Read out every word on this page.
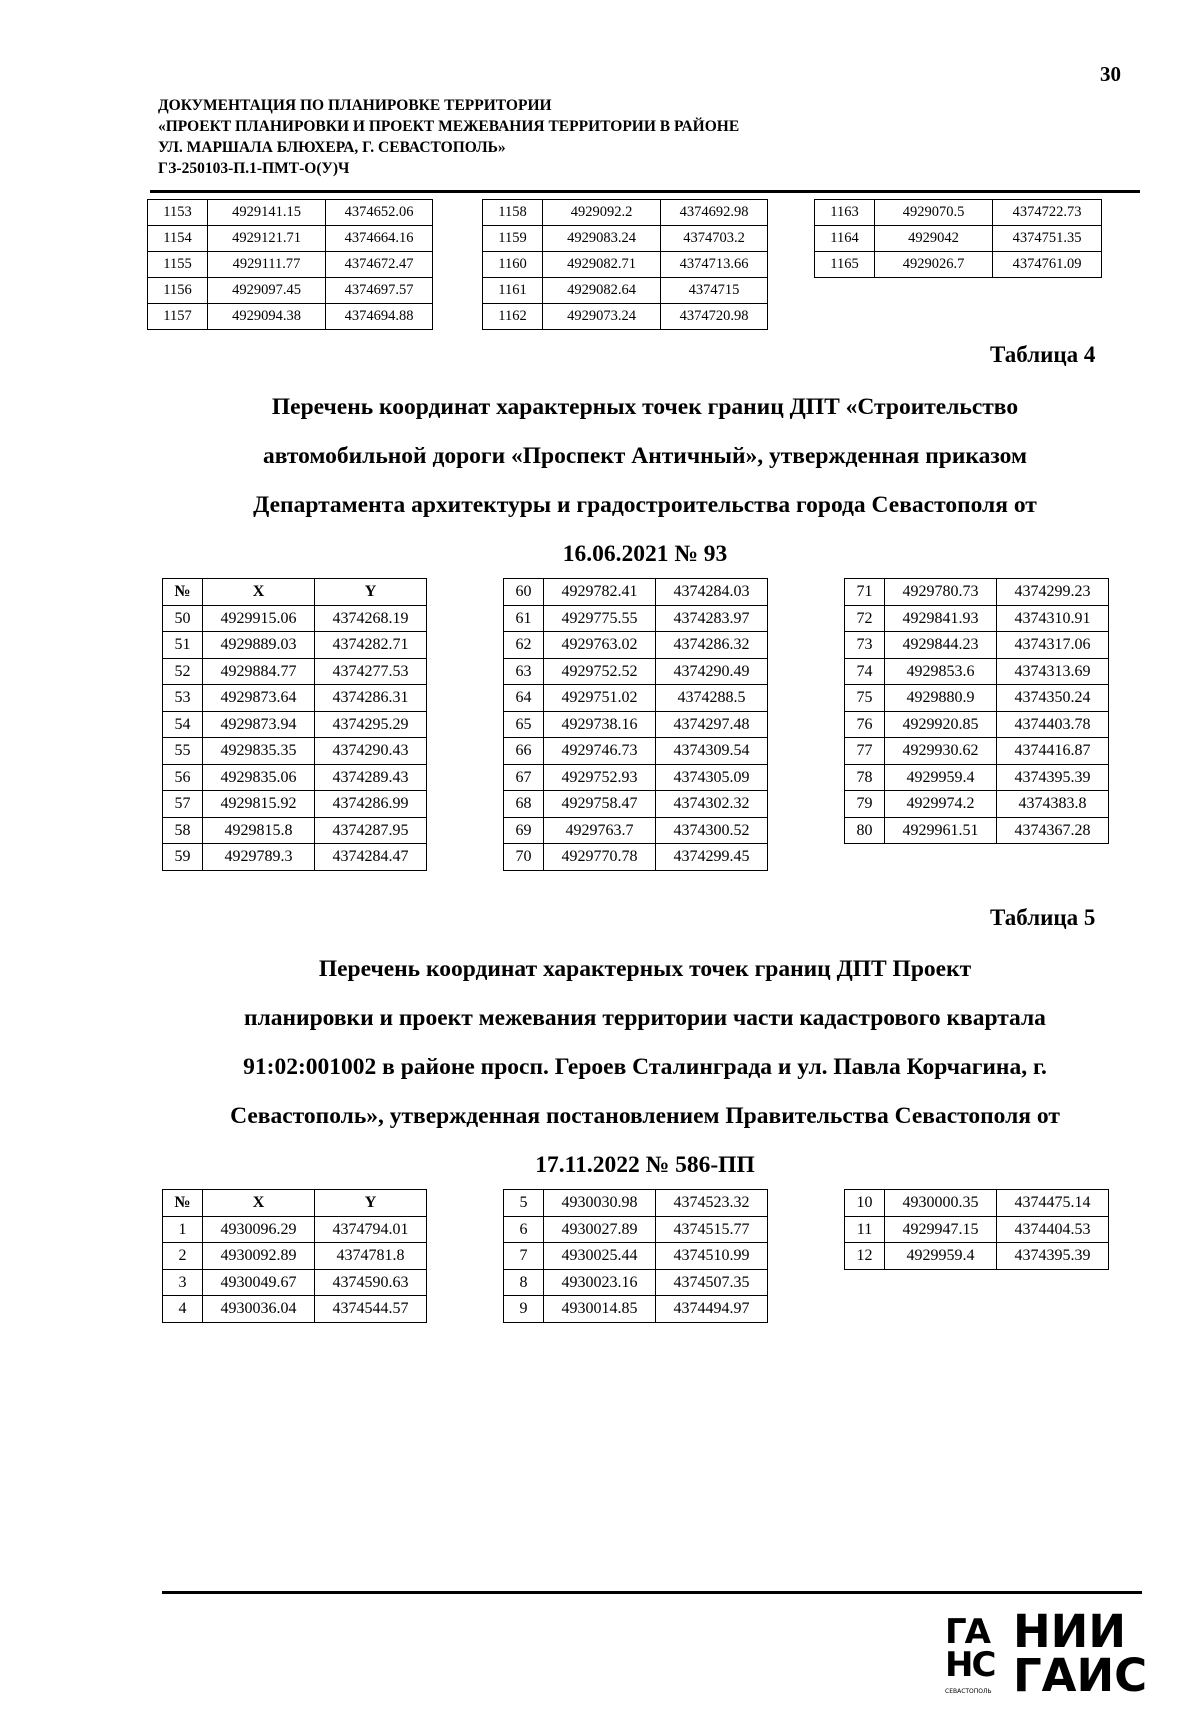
30
ДОКУМЕНТАЦИЯ ПО ПЛАНИРОВКЕ ТЕРРИТОРИИ
«ПРОЕКТ ПЛАНИРОВКИ И ПРОЕКТ МЕЖЕВАНИЯ ТЕРРИТОРИИ В РАЙОНЕ
УЛ. МАРШАЛА БЛЮХЕРА, Г. СЕВАСТОПОЛЬ»
ГЗ-250103-П.1-ПМТ-О(У)Ч
1153	4929141.15	4374652.06
1154	4929121.71	4374664.16
1155	4929111.77	4374672.47
1156	4929097.45	4374697.57
1157	4929094.38	4374694.88
1158	4929092.2	4374692.98
1159	4929083.24	4374703.2
1160	4929082.71	4374713.66
1161	4929082.64	4374715
1162	4929073.24	4374720.98
1163	4929070.5	4374722.73
1164	4929042	4374751.35
1165	4929026.7	4374761.09
Таблица 4
Перечень координат характерных точек границ ДПТ «Строительство
автомобильной дороги «Проспект Античный», утвержденная приказом
Департамента архитектуры и градостроительства города Севастополя от
16.06.2021 № 93
№	X	Y
50	4929915.06	4374268.19
51	4929889.03	4374282.71
52	4929884.77	4374277.53
53	4929873.64	4374286.31
54	4929873.94	4374295.29
55	4929835.35	4374290.43
56	4929835.06	4374289.43
57	4929815.92	4374286.99
58	4929815.8	4374287.95
59	4929789.3	4374284.47
60	4929782.41	4374284.03
61	4929775.55	4374283.97
62	4929763.02	4374286.32
63	4929752.52	4374290.49
64	4929751.02	4374288.5
65	4929738.16	4374297.48
66	4929746.73	4374309.54
67	4929752.93	4374305.09
68	4929758.47	4374302.32
69	4929763.7	4374300.52
70	4929770.78	4374299.45
71	4929780.73	4374299.23
72	4929841.93	4374310.91
73	4929844.23	4374317.06
74	4929853.6	4374313.69
75	4929880.9	4374350.24
76	4929920.85	4374403.78
77	4929930.62	4374416.87
78	4929959.4	4374395.39
79	4929974.2	4374383.8
80	4929961.51	4374367.28
Таблица 5
Перечень координат характерных точек границ ДПТ Проект
планировки и проект межевания территории части кадастрового квартала
91:02:001002 в районе просп. Героев Сталинграда и ул. Павла Корчагина, г.
Севастополь», утвержденная постановлением Правительства Севастополя от
17.11.2022 № 586-ПП
№	X	Y
1	4930096.29	4374794.01
2	4930092.89	4374781.8
3	4930049.67	4374590.63
4	4930036.04	4374544.57
5	4930030.98	4374523.32
6	4930027.89	4374515.77
7	4930025.44	4374510.99
8	4930023.16	4374507.35
9	4930014.85	4374494.97
10	4930000.35	4374475.14
11	4929947.15	4374404.53
12	4929959.4	4374395.39
ГА
НС
СЕВАСТОПОЛЬ
НИИ
ГАИС
